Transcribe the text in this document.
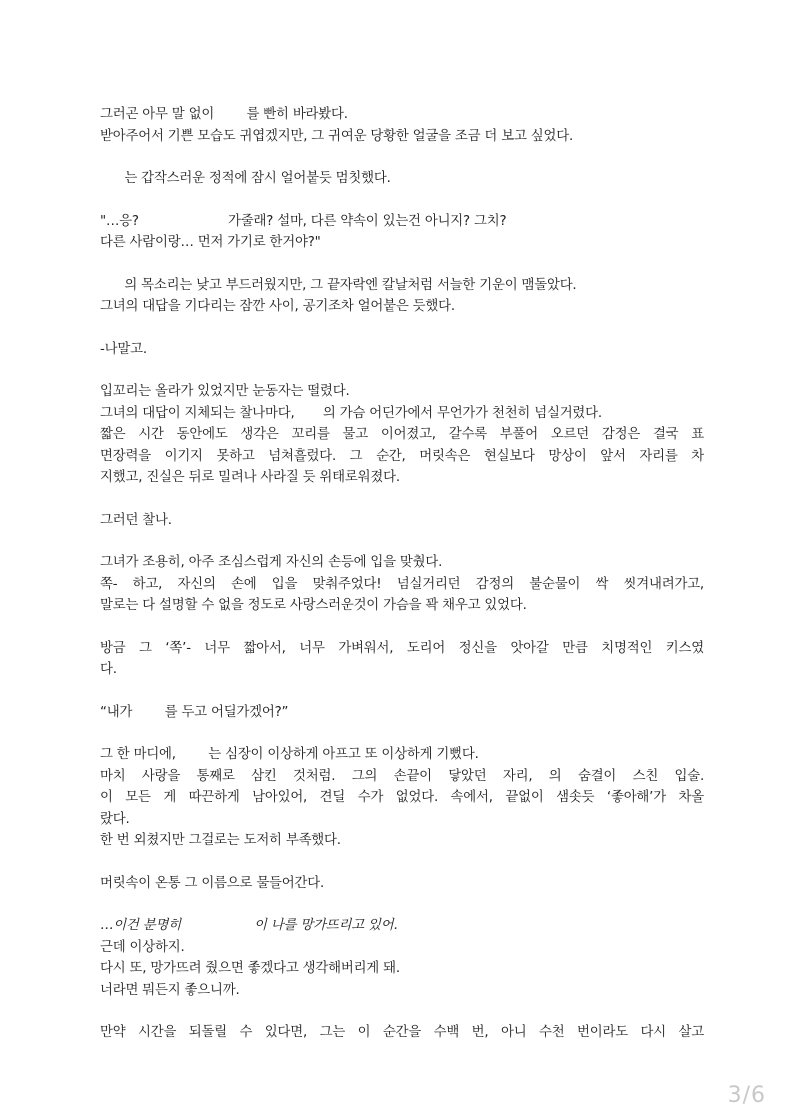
그러곤 아무 말 없이        를 빤히 바라봤다.
받아주어서 기쁜 모습도 귀엽겠지만, 그 귀여운 당황한 얼굴을 조금 더 보고 싶었다.
는 갑작스러운 정적에 잠시 얼어붙듯 멈칫했다.
"…응?                      가줄래? 설마, 다른 약속이 있는건 아니지? 그치?
다른 사람이랑… 먼저 가기로 한거야?"
의 목소리는 낮고 부드러웠지만, 그 끝자락엔 칼날처럼 서늘한 기운이 맴돌았다.
그녀의 대답을 기다리는 잠깐 사이, 공기조차 얼어붙은 듯했다.
-나말고.
입꼬리는 올라가 있었지만 눈동자는 떨렸다.
그녀의 대답이 지체되는 찰나마다,       의 가슴 어딘가에서 무언가가 천천히 넘실거렸다.
짧은 시간 동안에도 생각은 꼬리를 물고 이어졌고, 갈수록 부풀어 오르던 감정은 결국 표
면장력을 이기지 못하고 넘쳐흘렀다. 그 순간, 머릿속은 현실보다 망상이 앞서 자리를 차
지했고, 진실은 뒤로 밀려나 사라질 듯 위태로워졌다.
그러던 찰나.
그녀가 조용히, 아주 조심스럽게 자신의 손등에 입을 맞췄다.
쪽- 하고, 자신의 손에 입을 맞춰주었다! 넘실거리던 감정의 불순물이 싹 씻겨내려가고,
말로는 다 설명할 수 없을 정도로 사랑스러운것이 가슴을 꽉 채우고 있었다.
방금 그 ‘쪽’- 너무 짧아서, 너무 가벼워서, 도리어 정신을 앗아갈 만큼 치명적인 키스였
다.
“내가        를 두고 어딜가겠어?”
그 한 마디에,        는 심장이 이상하게 아프고 또 이상하게 기뻤다.
마치 사랑을 통째로 삼킨 것처럼. 그의 손끝이 닿았던 자리, 의 숨결이 스친 입술.
이 모든 게 따끈하게 남아있어, 견딜 수가 없었다. 속에서, 끝없이 샘솟듯 ‘좋아해’가 차올
랐다.
한 번 외쳤지만 그걸로는 도저히 부족했다.
머릿속이 온통 그 이름으로 물들어간다.
…이건 분명히                  이 나를 망가뜨리고 있어.
근데 이상하지.
다시 또, 망가뜨려 줬으면 좋겠다고 생각해버리게 돼.
너라면 뭐든지 좋으니까.
만약 시간을 되돌릴 수 있다면, 그는 이 순간을 수백 번, 아니 수천 번이라도 다시 살고
3/6
